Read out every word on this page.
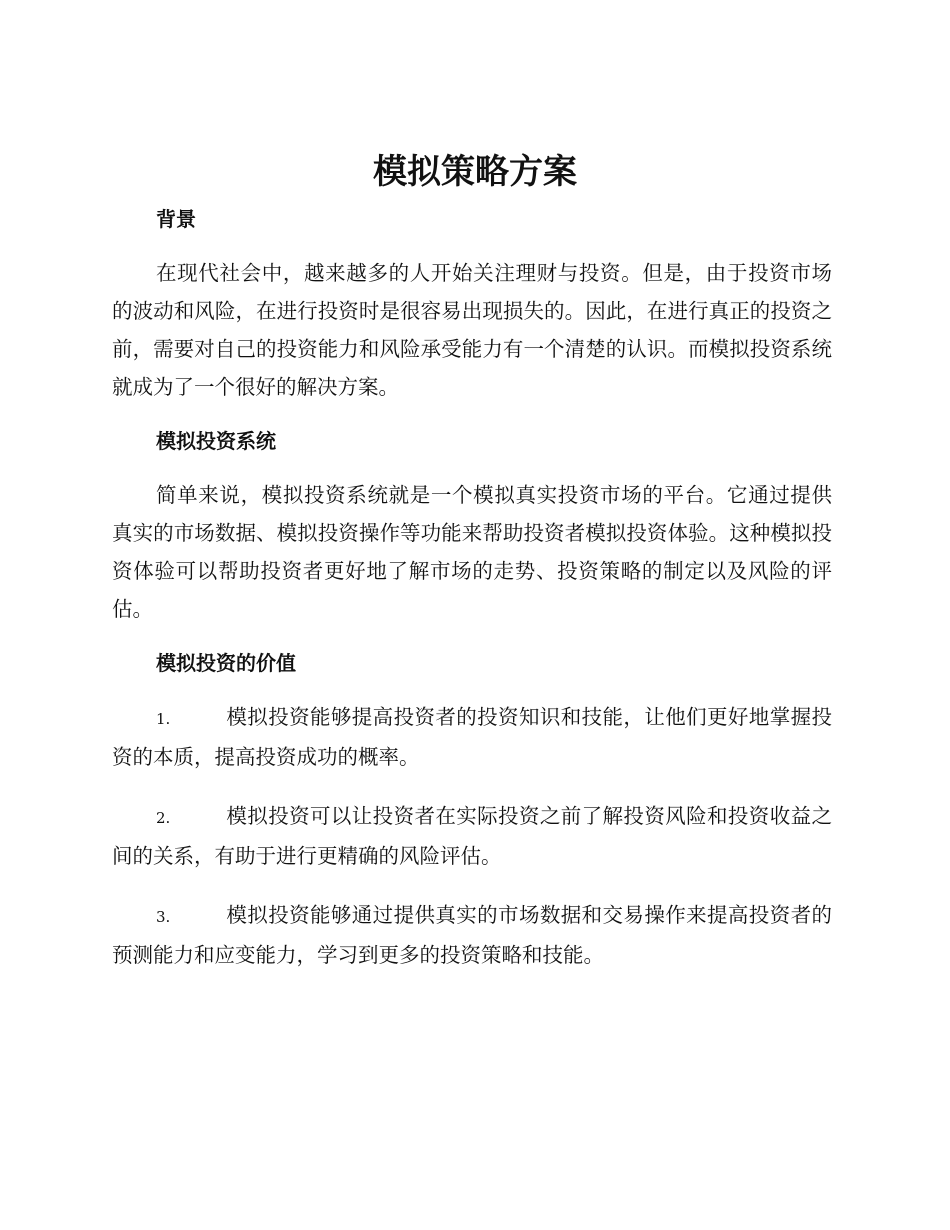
模拟策略方案
背景

在现代社会中，越来越多的人开始关注理财与投资。但是，由于投资市场的波动和风险，在进行投资时是很容易出现损失的。因此，在进行真正的投资之前，需要对自己的投资能力和风险承受能力有一个清楚的认识。而模拟投资系统就成为了一个很好的解决方案。

模拟投资系统

简单来说，模拟投资系统就是一个模拟真实投资市场的平台。它通过提供真实的市场数据、模拟投资操作等功能来帮助投资者模拟投资体验。这种模拟投资体验可以帮助投资者更好地了解市场的走势、投资策略的制定以及风险的评估。

模拟投资的价值

1.	模拟投资能够提高投资者的投资知识和技能，让他们更好地掌握投资的本质，提高投资成功的概率。

2.	模拟投资可以让投资者在实际投资之前了解投资风险和投资收益之间的关系，有助于进行更精确的风险评估。

3.	模拟投资能够通过提供真实的市场数据和交易操作来提高投资者的预测能力和应变能力，学习到更多的投资策略和技能。
